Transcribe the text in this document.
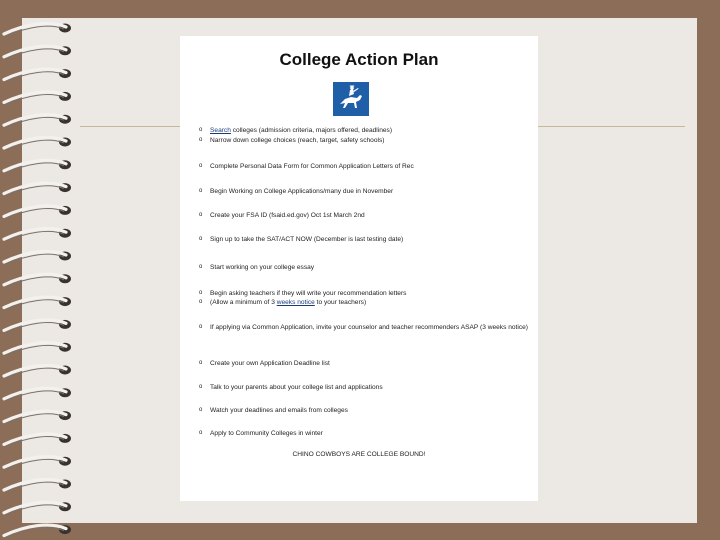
College Action Plan
o	Search colleges (admission criteria, majors offered, deadlines)
o	Narrow down college choices (reach, target, safety schools)
o	Complete Personal Data Form for Common Application Letters of Rec
o	Begin Working on College Applications/many due in November
o	Create your FSA ID (fsaid.ed.gov) Oct 1st March 2nd
o	Sign up to take the SAT/ACT NOW (December is last testing date)
o	Start working on your college essay
o	Begin asking teachers if they will write your recommendation letters
o	(Allow a minimum of 3 weeks notice to your teachers)
o	If applying via Common Application, invite your counselor and teacher recommenders ASAP (3 weeks notice)
o	Create your own Application Deadline list
o	Talk to your parents about your college list and applications
o	Watch your deadlines and emails from colleges
o	Apply to Community Colleges in winter
CHINO COWBOYS ARE COLLEGE BOUND!
